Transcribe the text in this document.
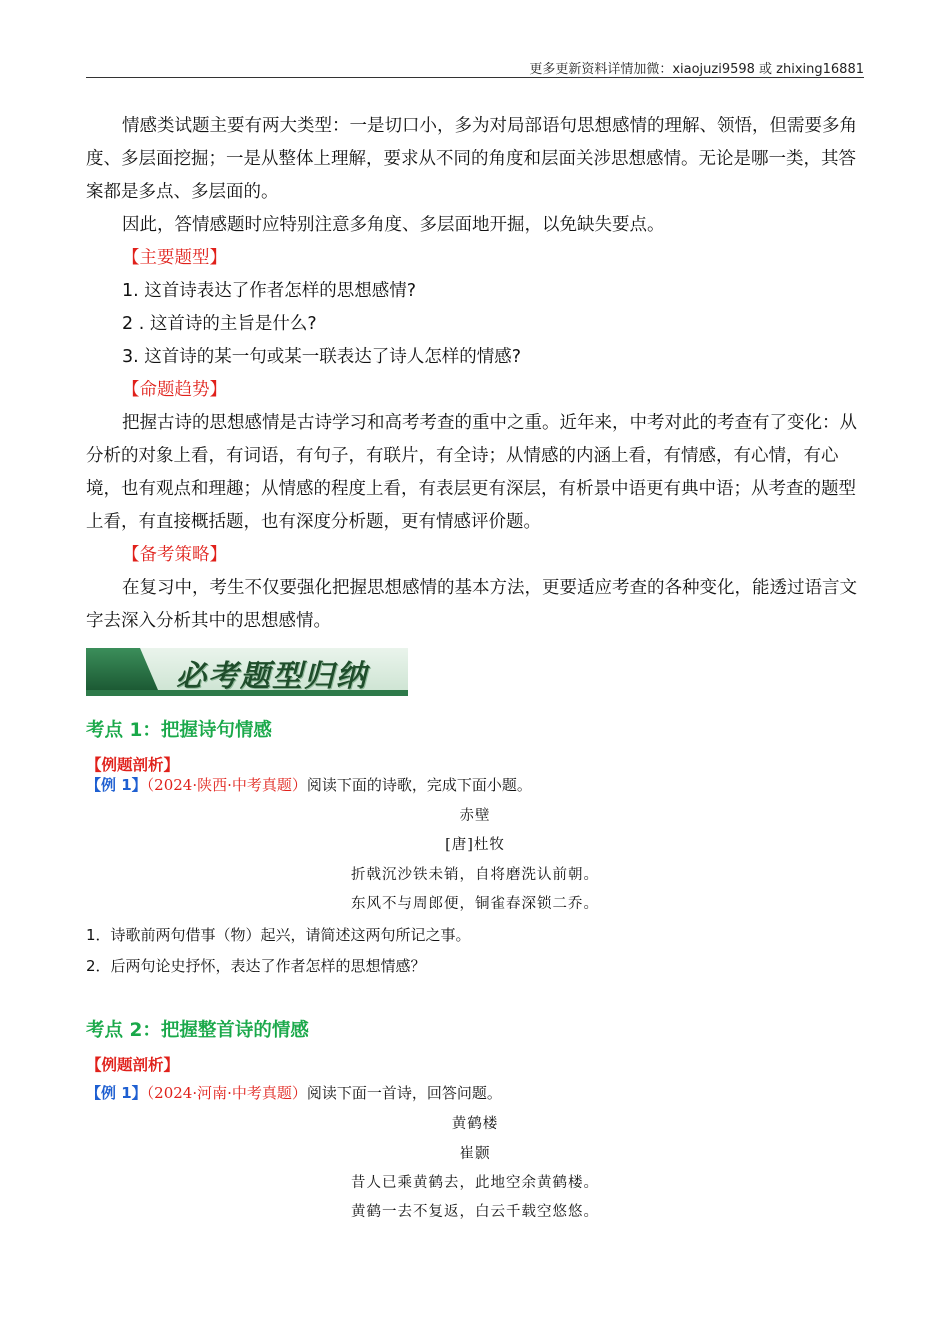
更多更新资料详情加微：xiaojuzi9598 或 zhixing16881

情感类试题主要有两大类型：一是切口小，多为对局部语句思想感情的理解、领悟，但需要多角度、多层面挖掘；一是从整体上理解，要求从不同的角度和层面关涉思想感情。无论是哪一类，其答案都是多点、多层面的。

因此，答情感题时应特别注意多角度、多层面地开掘，以免缺失要点。

【主要题型】
1. 这首诗表达了作者怎样的思想感情?
2 . 这首诗的主旨是什么?
3. 这首诗的某一句或某一联表达了诗人怎样的情感?
【命题趋势】

把握古诗的思想感情是古诗学习和高考考查的重中之重。近年来，中考对此的考查有了变化：从分析的对象上看，有词语，有句子，有联片，有全诗；从情感的内涵上看，有情感，有心情，有心境，也有观点和理趣；从情感的程度上看，有表层更有深层，有析景中语更有典中语；从考查的题型上看，有直接概括题，也有深度分析题，更有情感评价题。

【备考策略】

在复习中，考生不仅要强化把握思想感情的基本方法，更要适应考查的各种变化，能透过语言文字去深入分析其中的思想感情。

必考题型归纳
考点 1：把握诗句情感
【例题剖析】
【例 1】（2024·陕西·中考真题）阅读下面的诗歌，完成下面小题。
赤壁
[唐]杜牧
折戟沉沙铁未销，自将磨洗认前朝。
东风不与周郎便，铜雀春深锁二乔。
1．诗歌前两句借事（物）起兴，请简述这两句所记之事。
2．后两句论史抒怀，表达了作者怎样的思想情感？
考点 2：把握整首诗的情感
【例题剖析】
【例 1】（2024·河南·中考真题）阅读下面一首诗，回答问题。
黄鹤楼
崔颢
昔人已乘黄鹤去，此地空余黄鹤楼。
黄鹤一去不复返，白云千载空悠悠。
